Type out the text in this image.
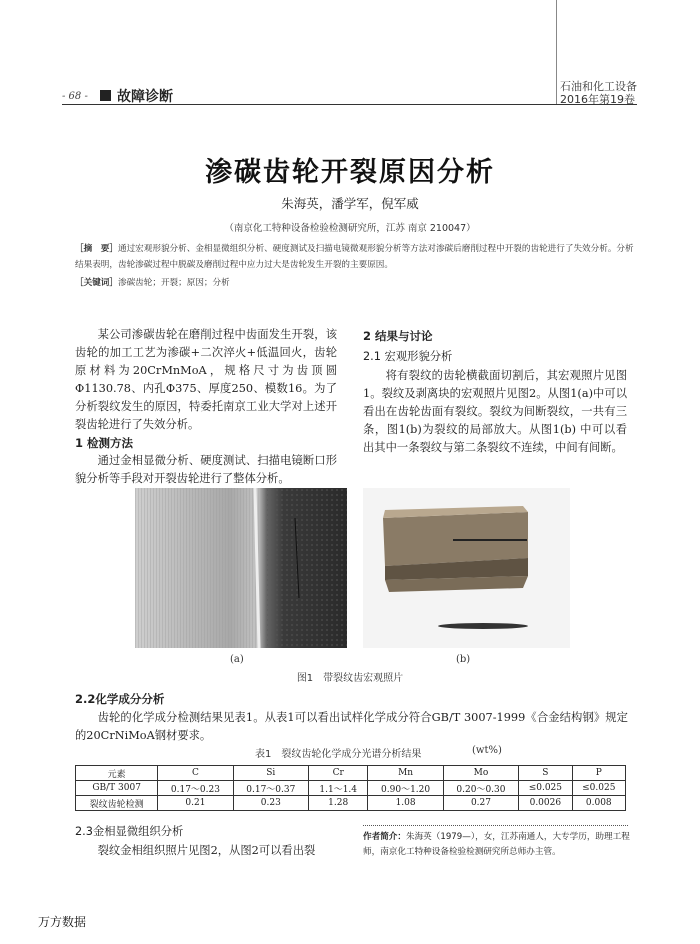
- 68 - 故障诊断
石油和化工设备
2016年第19卷
渗碳齿轮开裂原因分析
朱海英，潘学军，倪军威
（南京化工特种设备检验检测研究所，江苏 南京 210047）
［摘　要］通过宏观形貌分析、金相显微组织分析、硬度测试及扫描电镜微观形貌分析等方法对渗碳后磨削过程中开裂的齿轮进行了失效分析。分析结果表明，齿轮渗碳过程中脱碳及磨削过程中应力过大是齿轮发生开裂的主要原因。
［关键词］渗碳齿轮；开裂；原因；分析
某公司渗碳齿轮在磨削过程中齿面发生开裂，该齿轮的加工工艺为渗碳+二次淬火+低温回火，齿轮原材料为20CrMnMoA，规格尺寸为齿顶圆Φ1130.78、内孔Φ375、厚度250、模数16。为了分析裂纹发生的原因，特委托南京工业大学对上述开裂齿轮进行了失效分析。
1 检测方法
通过金相显微分析、硬度测试、扫描电镜断口形貌分析等手段对开裂齿轮进行了整体分析。
2 结果与讨论
2.1 宏观形貌分析
将有裂纹的齿轮横截面切割后，其宏观照片见图1。裂纹及剥离块的宏观照片见图2。从图1(a)中可以看出在齿轮齿面有裂纹。裂纹为间断裂纹，一共有三条，图1(b)为裂纹的局部放大。从图1(b) 中可以看出其中一条裂纹与第二条裂纹不连续，中间有间断。
(a)	(b)
图1　带裂纹齿宏观照片
2.2化学成分分析
齿轮的化学成分检测结果见表1。从表1可以看出试样化学成分符合GB/T 3007-1999《合金结构钢》规定的20CrNiMoA钢材要求。
表1　裂纹齿轮化学成分光谱分析结果	(wt%)
元素	C	Si	Cr	Mn	Mo	S	P
GB/T 3007	0.17～0.23	0.17～0.37	1.1～1.4	0.90～1.20	0.20～0.30	≤0.025	≤0.025
裂纹齿轮检测	0.21	0.23	1.28	1.08	0.27	0.0026	0.008
2.3金相显微组织分析
裂纹金相组织照片见图2，从图2可以看出裂
作者简介：朱海英（1979—），女，江苏南通人，大专学历，助理工程师，南京化工特种设备检验检测研究所总师办主管。
万方数据
